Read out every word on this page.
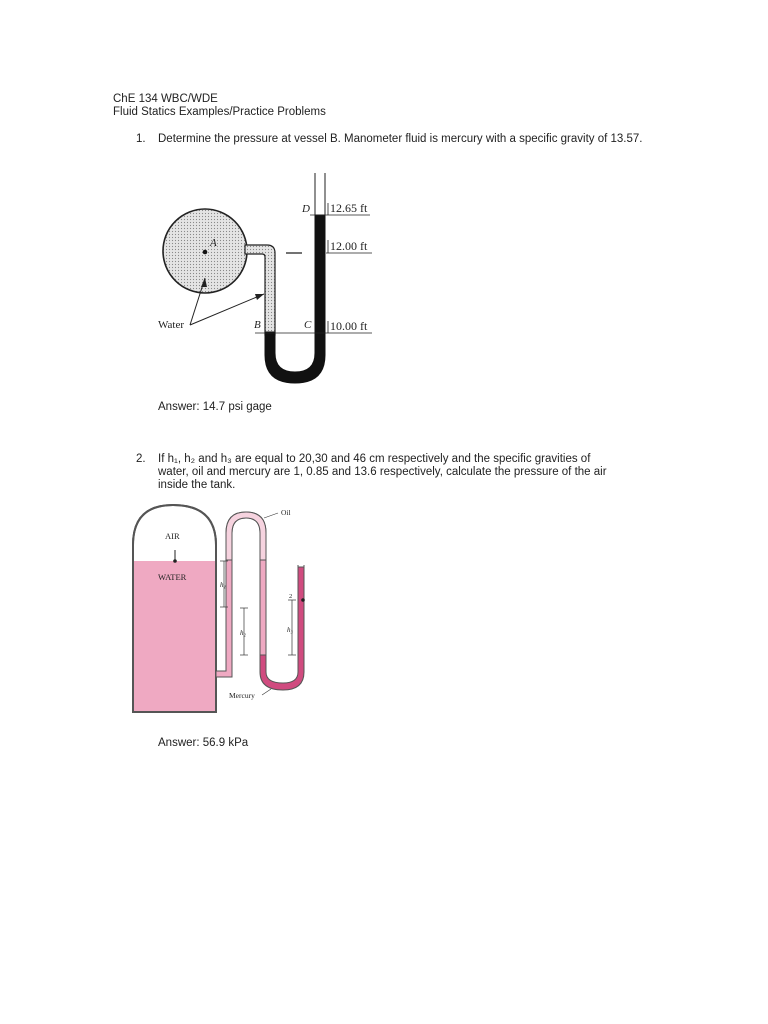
ChE 134 WBC/WDE
Fluid Statics Examples/Practice Problems
1. Determine the pressure at vessel B. Manometer fluid is mercury with a specific gravity of 13.57.
A
Water	B	C
D 12.65 ft
12.00 ft
10.00 ft
Answer: 14.7 psi gage
2. If h₁, h₂ and h₃ are equal to 20,30 and 46 cm respectively and the specific gravities of
water, oil and mercury are 1, 0.85 and 13.6 respectively, calculate the pressure of the air
inside the tank.
AIR
WATER
Oil
Mercury
h₁
h₂	h₃
2
Answer: 56.9 kPa
